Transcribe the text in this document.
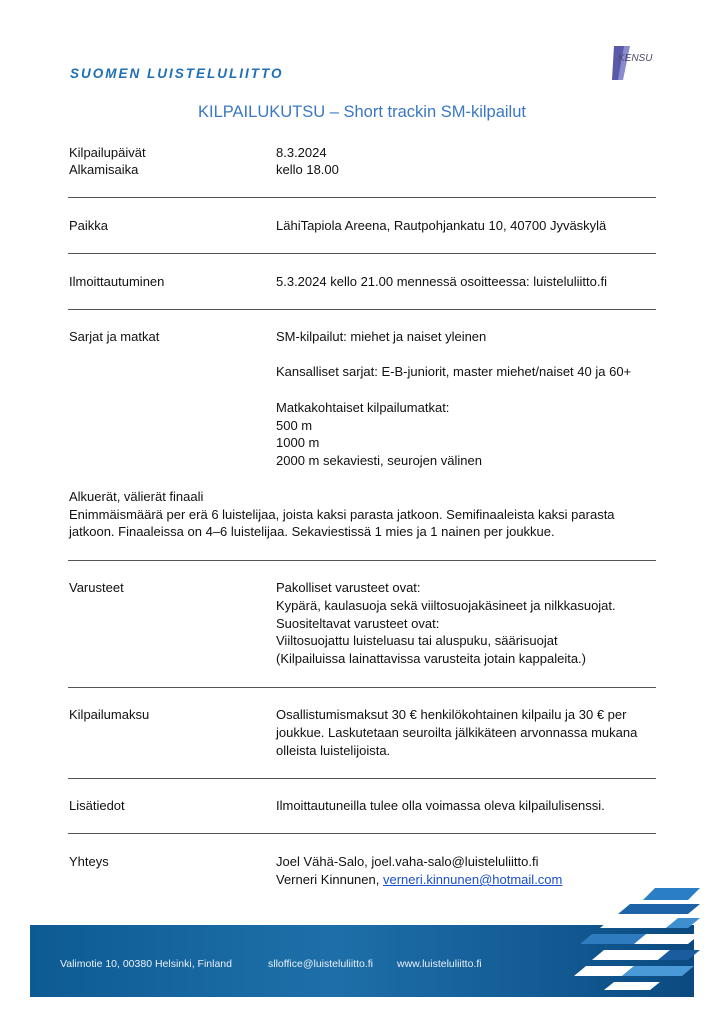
SUOMEN LUISTELULIITTO
KENSU
KILPAILUKUTSU – Short trackin SM-kilpailut
Kilpailupäivät	8.3.2024
Alkamisaika	kello 18.00
Paikka	LähiTapiola Areena, Rautpohjankatu 10, 40700 Jyväskylä
Ilmoittautuminen	5.3.2024 kello 21.00 mennessä osoitteessa: luisteluliitto.fi
Sarjat ja matkat	SM-kilpailut: miehet ja naiset yleinen
Kansalliset sarjat: E-B-juniorit, master miehet/naiset 40 ja 60+
Matkakohtaiset kilpailumatkat:
500 m
1000 m
2000 m sekaviesti, seurojen välinen
Alkuerät, välierät finaali
Enimmäismäärä per erä 6 luistelijaa, joista kaksi parasta jatkoon. Semifinaaleista kaksi parasta
jatkoon. Finaaleissa on 4–6 luistelijaa. Sekaviestissä 1 mies ja 1 nainen per joukkue.
Varusteet	Pakolliset varusteet ovat:
Kypärä, kaulasuoja sekä viiltosuojakäsineet ja nilkkasuojat.
Suositeltavat varusteet ovat:
Viiltosuojattu luisteluasu tai aluspuku, säärisuojat
(Kilpailuissa lainattavissa varusteita jotain kappaleita.)
Kilpailumaksu	Osallistumismaksut 30 € henkilökohtainen kilpailu ja 30 € per
joukkue. Laskutetaan seuroilta jälkikäteen arvonnassa mukana
olleista luistelijoista.
Lisätiedot	Ilmoittautuneilla tulee olla voimassa oleva kilpailulisenssi.
Yhteys	Joel Vähä-Salo, joel.vaha-salo@luisteluliitto.fi
Verneri Kinnunen, verneri.kinnunen@hotmail.com
Valimotie 10, 00380 Helsinki, Finland	slloffice@luisteluliitto.fi www.luisteluliitto.fi
